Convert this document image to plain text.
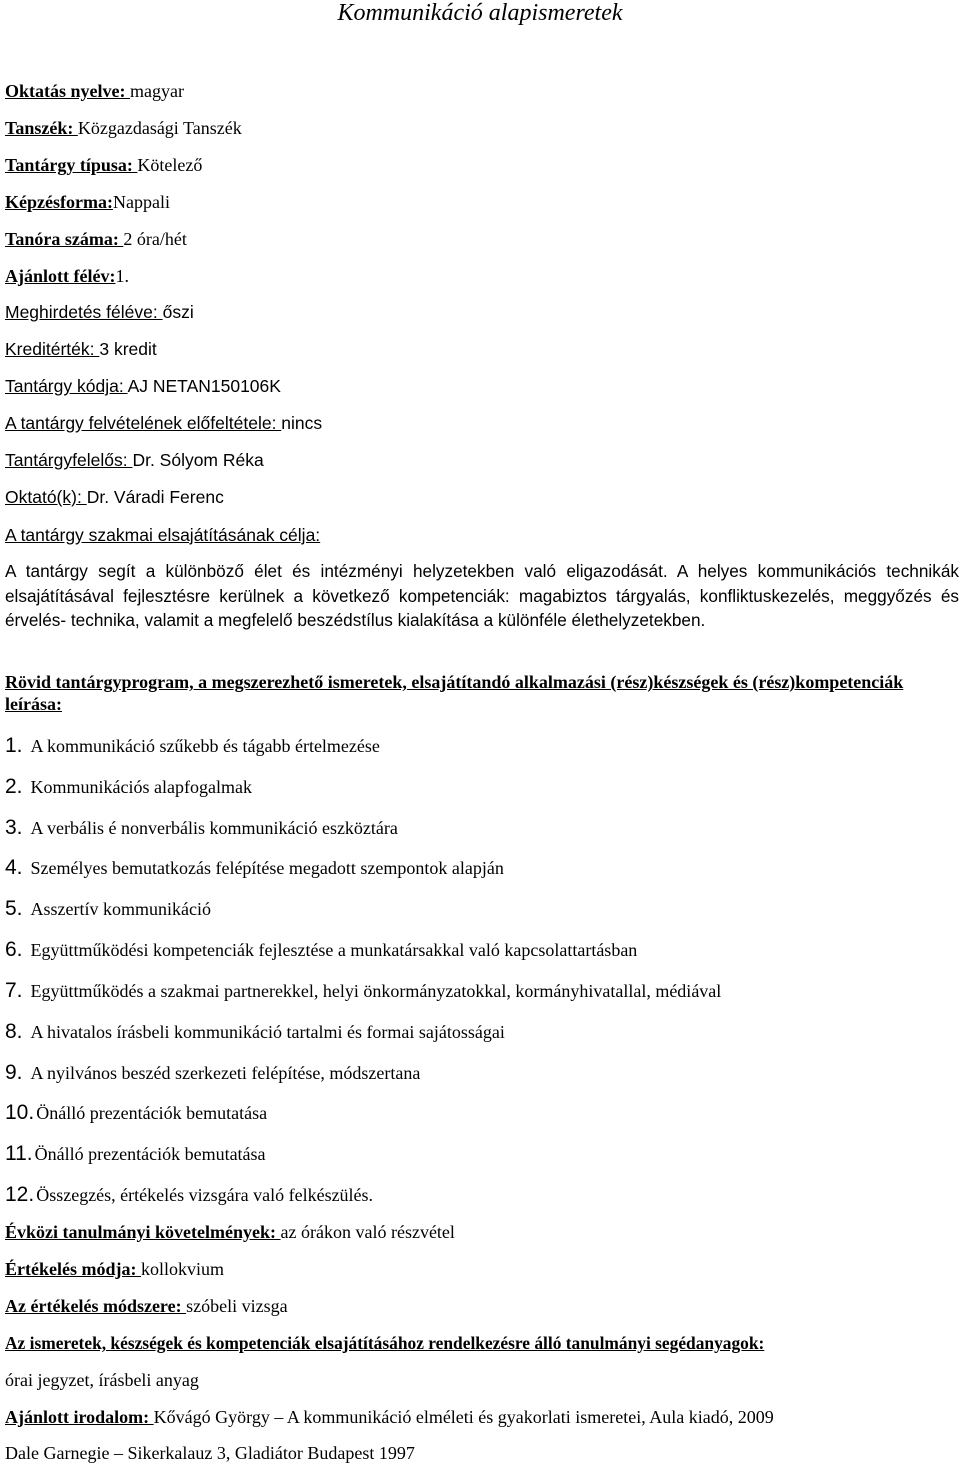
Kommunikáció alapismeretek
Oktatás nyelve: magyar
Tanszék: Közgazdasági Tanszék
Tantárgy típusa: Kötelező
Képzésforma:Nappali
Tanóra száma: 2 óra/hét
Ajánlott félév:1.
Meghirdetés féléve: őszi
Kreditérték: 3 kredit
Tantárgy kódja: AJ NETAN150106K
A tantárgy felvételének előfeltétele: nincs
Tantárgyfelelős: Dr. Sólyom Réka
Oktató(k): Dr. Váradi Ferenc
A tantárgy szakmai elsajátításának célja:
A tantárgy segít a különböző élet és intézményi helyzetekben való eligazodását. A helyes kommunikációs technikák elsajátításával fejlesztésre kerülnek a következő kompetenciák: magabiztos tárgyalás, konfliktuskezelés, meggyőzés és érvelés- technika, valamit a megfelelő beszédstílus kialakítása a különféle élethelyzetekben.
Rövid tantárgyprogram, a megszerezhető ismeretek, elsajátítandó alkalmazási (rész)készségek és (rész)kompetenciák leírása:
1. A kommunikáció szűkebb és tágabb értelmezése
2. Kommunikációs alapfogalmak
3. A verbális é nonverbális kommunikáció eszköztára
4. Személyes bemutatkozás felépítése megadott szempontok alapján
5. Asszertív kommunikáció
6. Együttműködési kompetenciák fejlesztése a munkatársakkal való kapcsolattartásban
7. Együttműködés a szakmai partnerekkel, helyi önkormányzatokkal, kormányhivatallal, médiával
8. A hivatalos írásbeli kommunikáció tartalmi és formai sajátosságai
9. A nyilvános beszéd szerkezeti felépítése, módszertana
10. Önálló prezentációk bemutatása
11. Önálló prezentációk bemutatása
12. Összegzés, értékelés vizsgára való felkészülés.
Évközi tanulmányi követelmények: az órákon való részvétel
Értékelés módja: kollokvium
Az értékelés módszere: szóbeli vizsga
Az ismeretek, készségek és kompetenciák elsajátításához rendelkezésre álló tanulmányi segédanyagok:
órai jegyzet, írásbeli anyag
Ajánlott irodalom: Kővágó György – A kommunikáció elméleti és gyakorlati ismeretei, Aula kiadó, 2009
Dale Garnegie – Sikerkalauz 3, Gladiátor Budapest 1997
